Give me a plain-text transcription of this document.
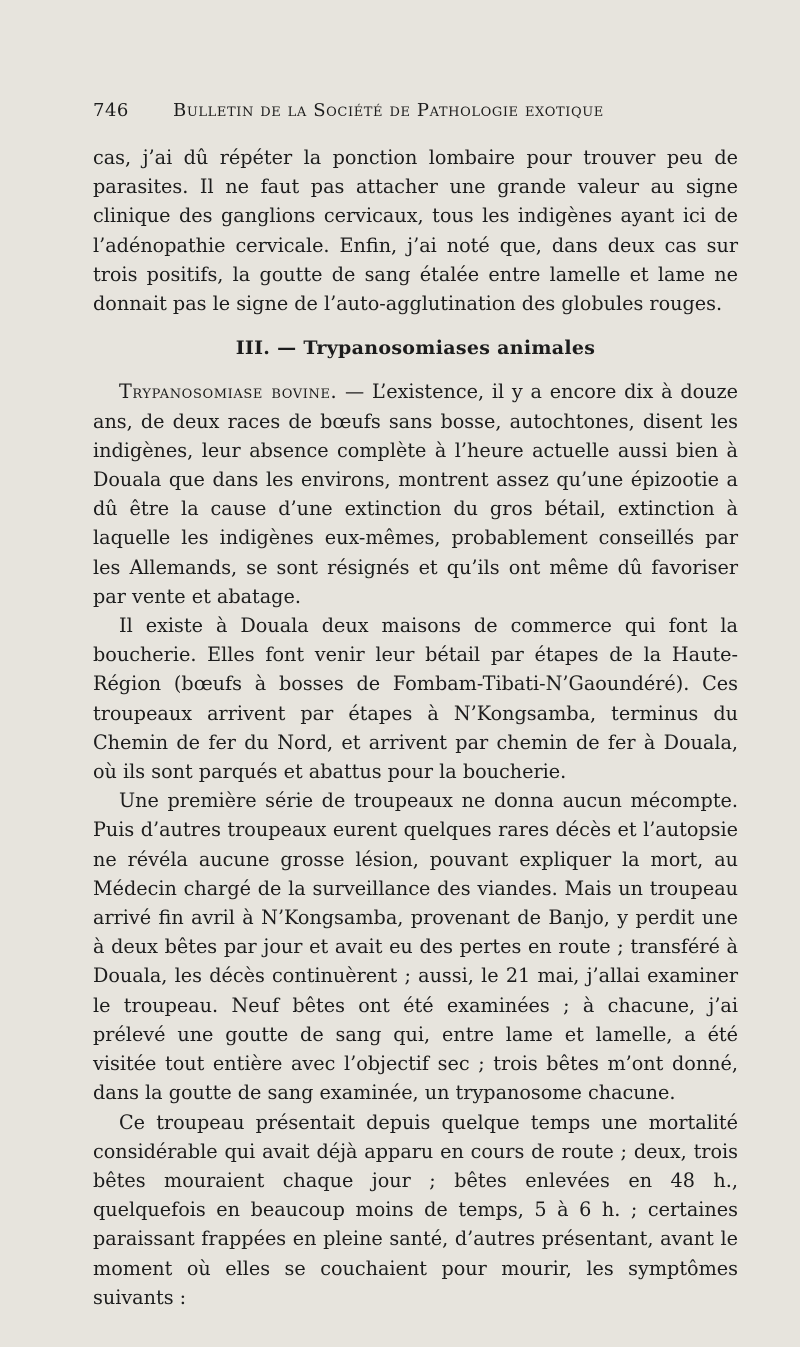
746	Bulletin de la Société de Pathologie exotique

cas, j’ai dû répéter la ponction lombaire pour trouver peu de parasites. Il ne faut pas attacher une grande valeur au signe clinique des ganglions cervicaux, tous les indigènes ayant ici de l’adénopathie cervicale. Enfin, j’ai noté que, dans deux cas sur trois positifs, la goutte de sang étalée entre lamelle et lame ne donnait pas le signe de l’auto-agglutination des globules rouges.

III. — Trypanosomiases animales

Trypanosomiase bovine. — L’existence, il y a encore dix à douze ans, de deux races de bœufs sans bosse, autochtones, disent les indigènes, leur absence complète à l’heure actuelle aussi bien à Douala que dans les environs, montrent assez qu’une épizootie a dû être la cause d’une extinction du gros bétail, extinction à laquelle les indigènes eux-mêmes, probablement conseillés par les Allemands, se sont résignés et qu’ils ont même dû favoriser par vente et abatage.

Il existe à Douala deux maisons de commerce qui font la boucherie. Elles font venir leur bétail par étapes de la Haute-Région (bœufs à bosses de Fombam-Tibati-N’Gaoundéré). Ces troupeaux arrivent par étapes à N’Kongsamba, terminus du Chemin de fer du Nord, et arrivent par chemin de fer à Douala, où ils sont parqués et abattus pour la boucherie.

Une première série de troupeaux ne donna aucun mécompte. Puis d’autres troupeaux eurent quelques rares décès et l’autopsie ne révéla aucune grosse lésion, pouvant expliquer la mort, au Médecin chargé de la surveillance des viandes. Mais un troupeau arrivé fin avril à N’Kongsamba, provenant de Banjo, y perdit une à deux bêtes par jour et avait eu des pertes en route ; transféré à Douala, les décès continuèrent ; aussi, le 21 mai, j’allai examiner le troupeau. Neuf bêtes ont été examinées ; à chacune, j’ai prélevé une goutte de sang qui, entre lame et lamelle, a été visitée tout entière avec l’objectif sec ; trois bêtes m’ont donné, dans la goutte de sang examinée, un trypanosome chacune.

Ce troupeau présentait depuis quelque temps une mortalité considérable qui avait déjà apparu en cours de route ; deux, trois bêtes mouraient chaque jour ; bêtes enlevées en 48 h., quelquefois en beaucoup moins de temps, 5 à 6 h. ; certaines paraissant frappées en pleine santé, d’autres présentant, avant le moment où elles se couchaient pour mourir, les symptômes suivants :
